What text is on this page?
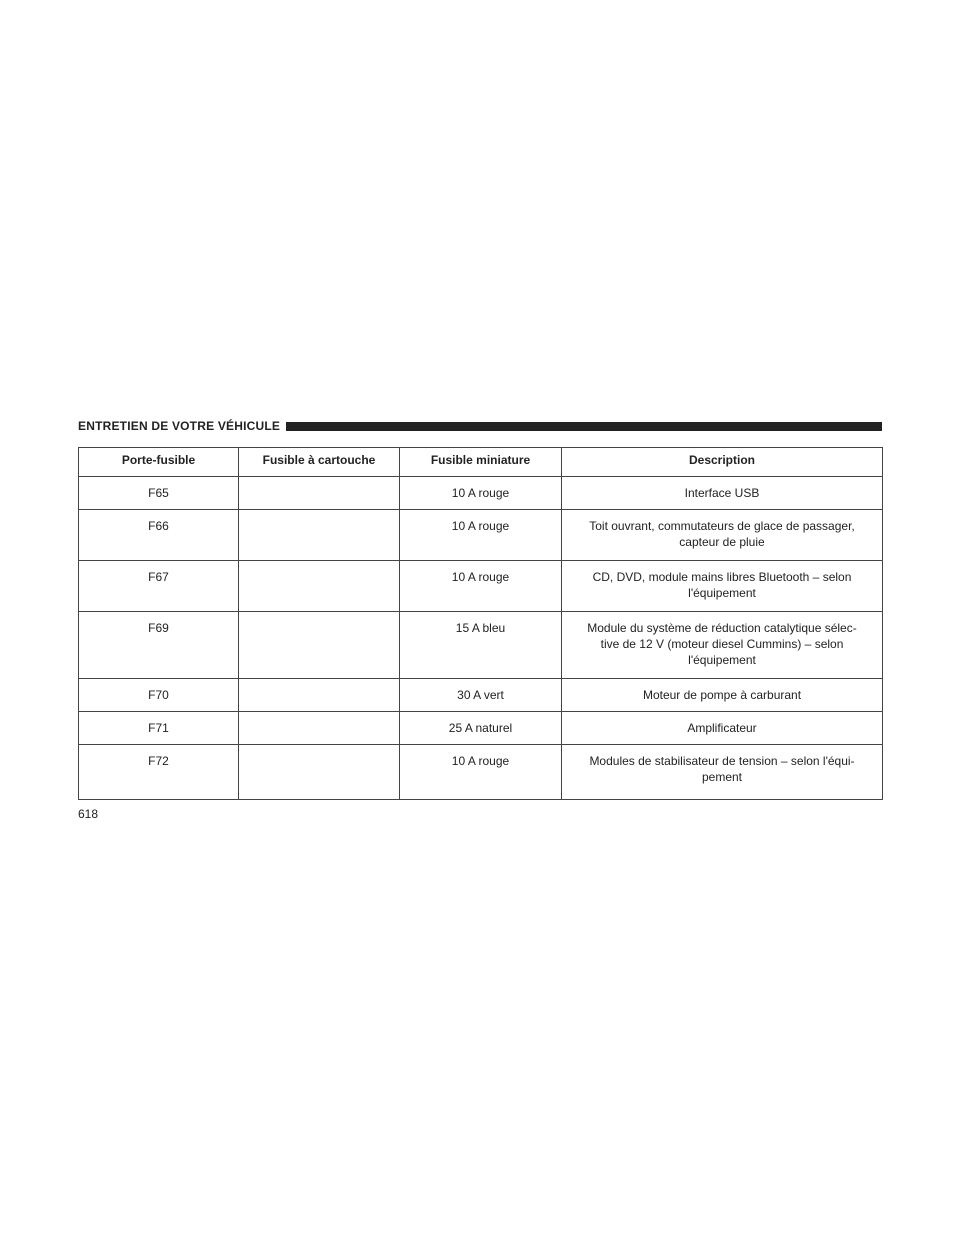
ENTRETIEN DE VOTRE VÉHICULE
Porte-fusible	Fusible à cartouche	Fusible miniature	Description
F65		10 A rouge	Interface USB
F66		10 A rouge	Toit ouvrant, commutateurs de glace de passager,
capteur de pluie
F67		10 A rouge	CD, DVD, module mains libres Bluetooth – selon
l'équipement
F69		15 A bleu	Module du système de réduction catalytique sélec-
tive de 12 V (moteur diesel Cummins) – selon
l'équipement
F70		30 A vert	Moteur de pompe à carburant
F71		25 A naturel	Amplificateur
F72		10 A rouge	Modules de stabilisateur de tension – selon l'équi-
pement
618
